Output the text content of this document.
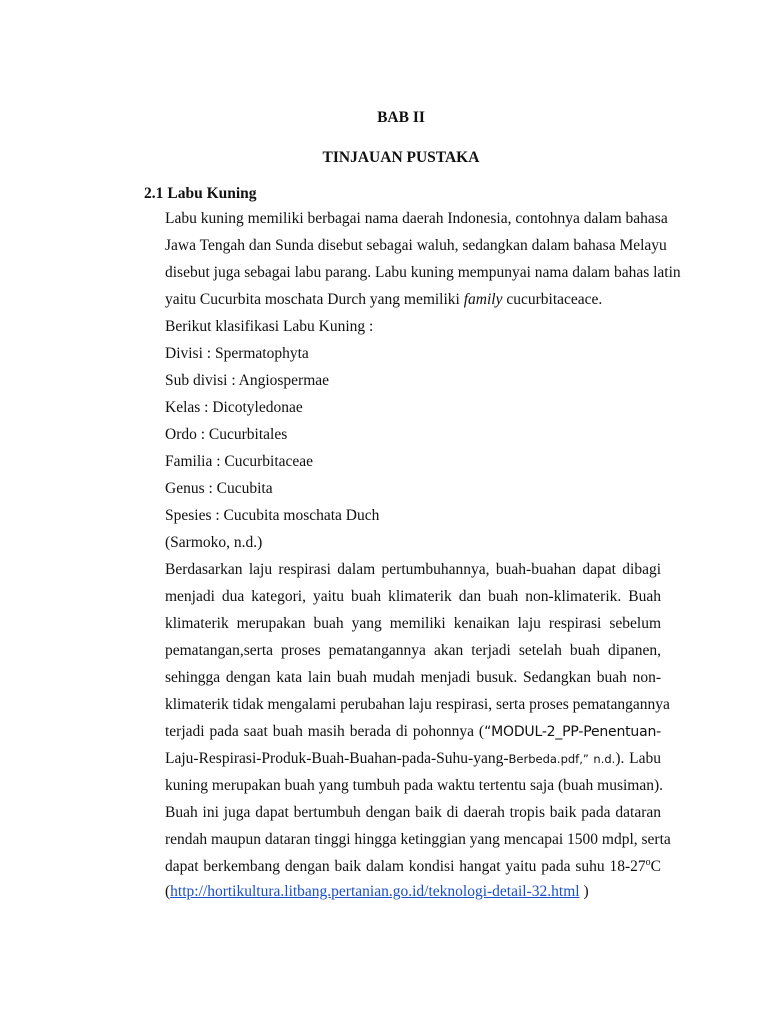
BAB II
TINJAUAN PUSTAKA
2.1 Labu Kuning
Labu kuning memiliki berbagai nama daerah Indonesia, contohnya dalam bahasa
Jawa Tengah dan Sunda disebut sebagai waluh, sedangkan dalam bahasa Melayu
disebut juga sebagai labu parang. Labu kuning mempunyai nama dalam bahas latin
yaitu Cucurbita moschata Durch yang memiliki family cucurbitaceace.
Berikut klasifikasi Labu Kuning :
Divisi : Spermatophyta
Sub divisi : Angiospermae
Kelas : Dicotyledonae
Ordo : Cucurbitales
Familia : Cucurbitaceae
Genus : Cucubita
Spesies : Cucubita moschata Duch
(Sarmoko, n.d.)
Berdasarkan laju respirasi dalam pertumbuhannya, buah-buahan dapat dibagi
menjadi dua kategori, yaitu buah klimaterik dan buah non-klimaterik. Buah
klimaterik merupakan buah yang memiliki kenaikan laju respirasi sebelum
pematangan,serta proses pematangannya akan terjadi setelah buah dipanen,
sehingga dengan kata lain buah mudah menjadi busuk. Sedangkan buah non-
klimaterik tidak mengalami perubahan laju respirasi, serta proses pematangannya
terjadi pada saat buah masih berada di pohonnya (“MODUL-2_PP-Penentuan-
Laju-Respirasi-Produk-Buah-Buahan-pada-Suhu-yang-Berbeda.pdf,” n.d.). Labu
kuning merupakan buah yang tumbuh pada waktu tertentu saja (buah musiman).
Buah ini juga dapat bertumbuh dengan baik di daerah tropis baik pada dataran
rendah maupun dataran tinggi hingga ketinggian yang mencapai 1500 mdpl, serta
dapat berkembang dengan baik dalam kondisi hangat yaitu pada suhu 18-27$^o$C
(http://hortikultura.litbang.pertanian.go.id/teknologi-detail-32.html )
